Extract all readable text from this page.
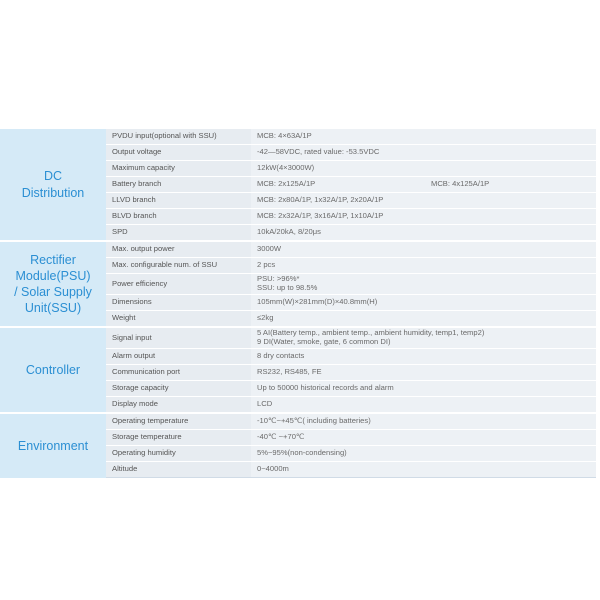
DC
Distribution	PVDU input(optional with SSU)	MCB: 4×63A/1P	

	Output voltage	-42—58VDC, rated value: -53.5VDC	

	Maximum capacity	12kW(4×3000W)	

	Battery branch	MCB: 2x125A/1P	MCB: 4x125A/1P
	LLVD branch	MCB: 2x80A/1P, 1x32A/1P, 2x20A/1P	

	BLVD branch	MCB: 2x32A/1P, 3x16A/1P, 1x10A/1P	

	SPD	10kA/20kA, 8/20μs	

Rectifier
Module(PSU)
/ Solar Supply
Unit(SSU)	Max. output power	3000W	

	Max. configurable num. of SSU	2 pcs	

	Power efficiency	PSU: >96%*
SSU: up to 98.5%	

	Dimensions	105mm(W)×281mm(D)×40.8mm(H)	

	Weight	≤2kg	

Controller	Signal input	5 AI(Battery temp., ambient temp., ambient humidity, temp1, temp2)
9 DI(Water, smoke, gate, 6 common DI)	

	Alarm output	8 dry contacts	

	Communication port	RS232, RS485, FE	

	Storage capacity	Up to 50000 historical records and alarm	

	Display mode	LCD	

Environment	Operating temperature	-10℃~+45℃( including batteries)	

	Storage temperature	-40℃ ~+70℃	

	Operating humidity	5%~95%(non-condensing)	

	Altitude	0~4000m	
